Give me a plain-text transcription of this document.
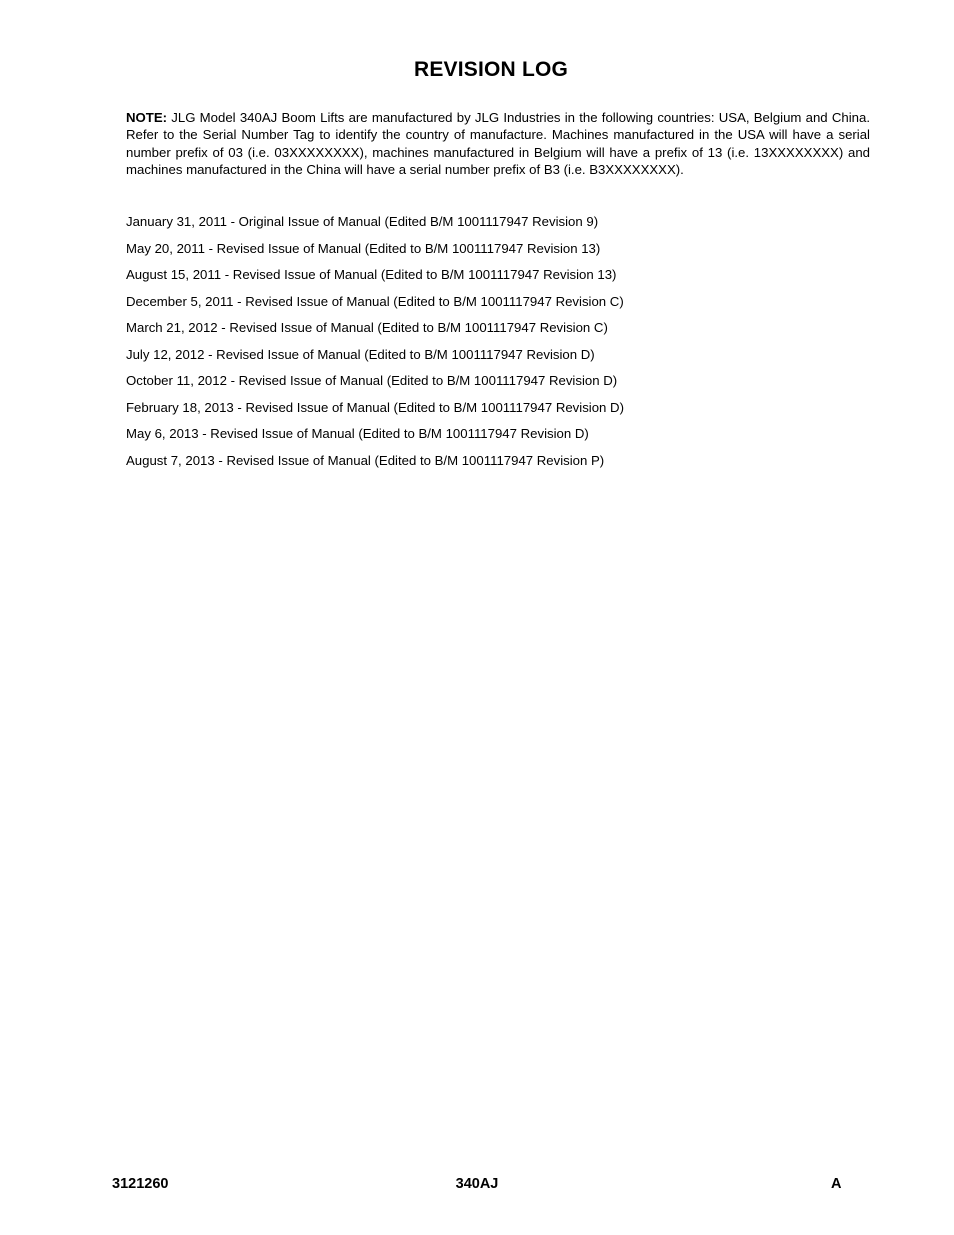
REVISION LOG

NOTE: JLG Model 340AJ Boom Lifts are manufactured by JLG Industries in the following countries: USA, Belgium and China. Refer to the Serial Number Tag to identify the country of manufacture. Machines manufactured in the USA will have a serial number prefix of 03 (i.e. 03XXXXXXXX), machines manufactured in Belgium will have a prefix of 13 (i.e. 13XXXXXXXX) and machines manufactured in the China will have a serial number prefix of B3 (i.e. B3XXXXXXXX).

January 31, 2011 - Original Issue of Manual (Edited B/M 1001117947 Revision 9)
May 20, 2011 - Revised Issue of Manual (Edited to B/M 1001117947 Revision 13)
August 15, 2011 - Revised Issue of Manual (Edited to B/M 1001117947 Revision 13)
December 5, 2011 - Revised Issue of Manual (Edited to B/M 1001117947 Revision C)
March 21, 2012 - Revised Issue of Manual (Edited to B/M 1001117947 Revision C)
July 12, 2012 - Revised Issue of Manual (Edited to B/M 1001117947 Revision D)
October 11, 2012 - Revised Issue of Manual (Edited to B/M 1001117947 Revision D)
February 18, 2013 - Revised Issue of Manual (Edited to B/M 1001117947 Revision D)
May 6, 2013 - Revised Issue of Manual (Edited to B/M 1001117947 Revision D)
August 7, 2013 - Revised Issue of Manual (Edited to B/M 1001117947 Revision P)
3121260	340AJ	A
